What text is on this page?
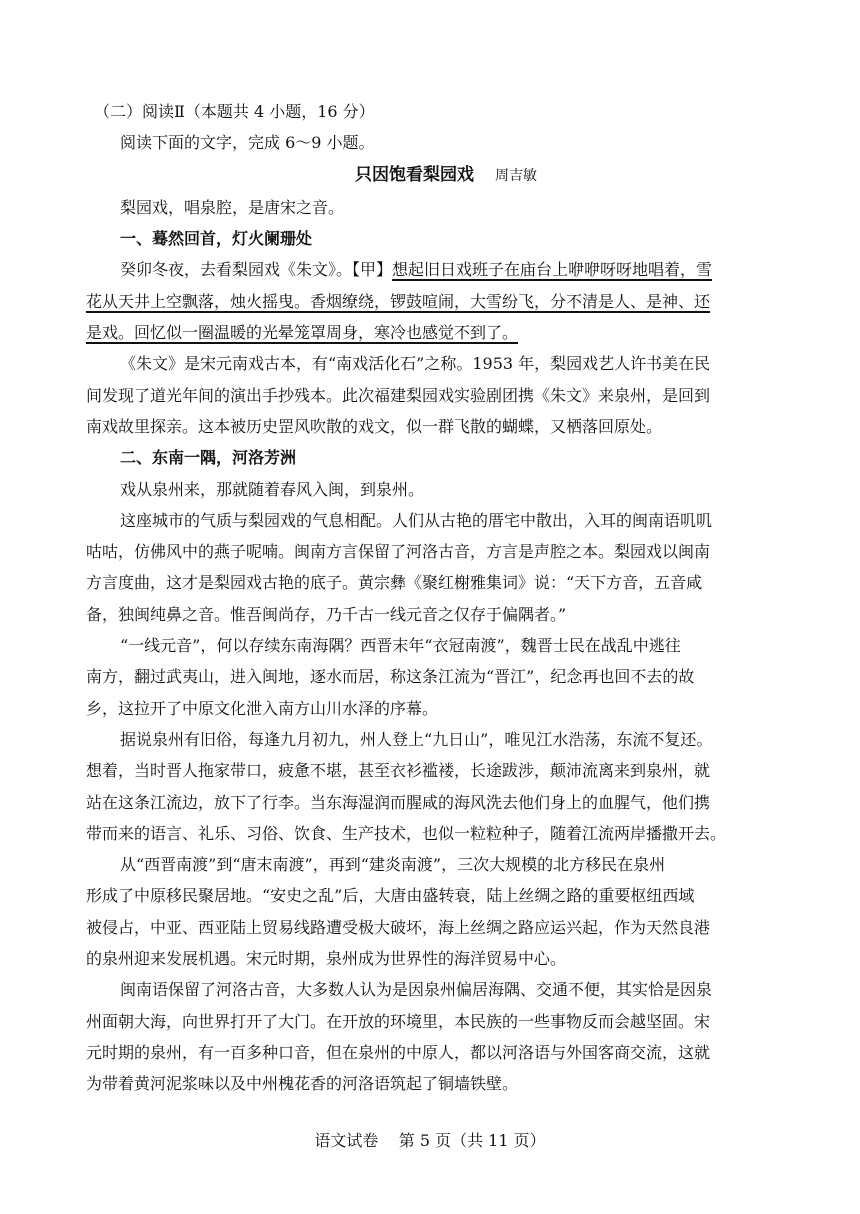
（二）阅读Ⅱ（本题共 4 小题，16 分）

阅读下面的文字，完成 6～9 小题。

只因饱看梨园戏 周吉敏

梨园戏，唱泉腔，是唐宋之音。

一、蓦然回首，灯火阑珊处

癸卯冬夜，去看梨园戏《朱文》。【甲】想起旧日戏班子在庙台上咿咿呀呀地唱着，雪

花从天井上空飘落，烛火摇曳。香烟缭绕，锣鼓喧闹，大雪纷飞，分不清是人、是神、还

是戏。回忆似一圈温暖的光晕笼罩周身，寒冷也感觉不到了。

《朱文》是宋元南戏古本，有“南戏活化石”之称。1953 年，梨园戏艺人许书美在民

间发现了道光年间的演出手抄残本。此次福建梨园戏实验剧团携《朱文》来泉州，是回到

南戏故里探亲。这本被历史罡风吹散的戏文，似一群飞散的蝴蝶，又栖落回原处。

二、东南一隅，河洛芳洲

戏从泉州来，那就随着春风入闽，到泉州。

这座城市的气质与梨园戏的气息相配。人们从古艳的厝宅中散出，入耳的闽南语叽叽

咕咕，仿佛风中的燕子呢喃。闽南方言保留了河洛古音，方言是声腔之本。梨园戏以闽南

方言度曲，这才是梨园戏古艳的底子。黄宗彝《聚红榭雅集词》说：“天下方音，五音咸

备，独闽纯鼻之音。惟吾闽尚存，乃千古一线元音之仅存于偏隅者。”

“一线元音”，何以存续东南海隅？西晋末年“衣冠南渡”，魏晋士民在战乱中逃往

南方，翻过武夷山，进入闽地，逐水而居，称这条江流为“晋江”，纪念再也回不去的故

乡，这拉开了中原文化泄入南方山川水泽的序幕。

据说泉州有旧俗，每逢九月初九，州人登上“九日山”，唯见江水浩荡，东流不复还。

想着，当时晋人拖家带口，疲惫不堪，甚至衣衫褴褛，长途跋涉，颠沛流离来到泉州，就

站在这条江流边，放下了行李。当东海湿润而腥咸的海风洗去他们身上的血腥气，他们携

带而来的语言、礼乐、习俗、饮食、生产技术，也似一粒粒种子，随着江流两岸播撒开去。

从“西晋南渡”到“唐末南渡”，再到“建炎南渡”，三次大规模的北方移民在泉州

形成了中原移民聚居地。“安史之乱”后，大唐由盛转衰，陆上丝绸之路的重要枢纽西域

被侵占，中亚、西亚陆上贸易线路遭受极大破坏，海上丝绸之路应运兴起，作为天然良港

的泉州迎来发展机遇。宋元时期，泉州成为世界性的海洋贸易中心。

闽南语保留了河洛古音，大多数人认为是因泉州偏居海隅、交通不便，其实恰是因泉

州面朝大海，向世界打开了大门。在开放的环境里，本民族的一些事物反而会越坚固。宋

元时期的泉州，有一百多种口音，但在泉州的中原人，都以河洛语与外国客商交流，这就

为带着黄河泥浆味以及中州槐花香的河洛语筑起了铜墙铁壁。

语文试卷 第 5 页（共 11 页）
